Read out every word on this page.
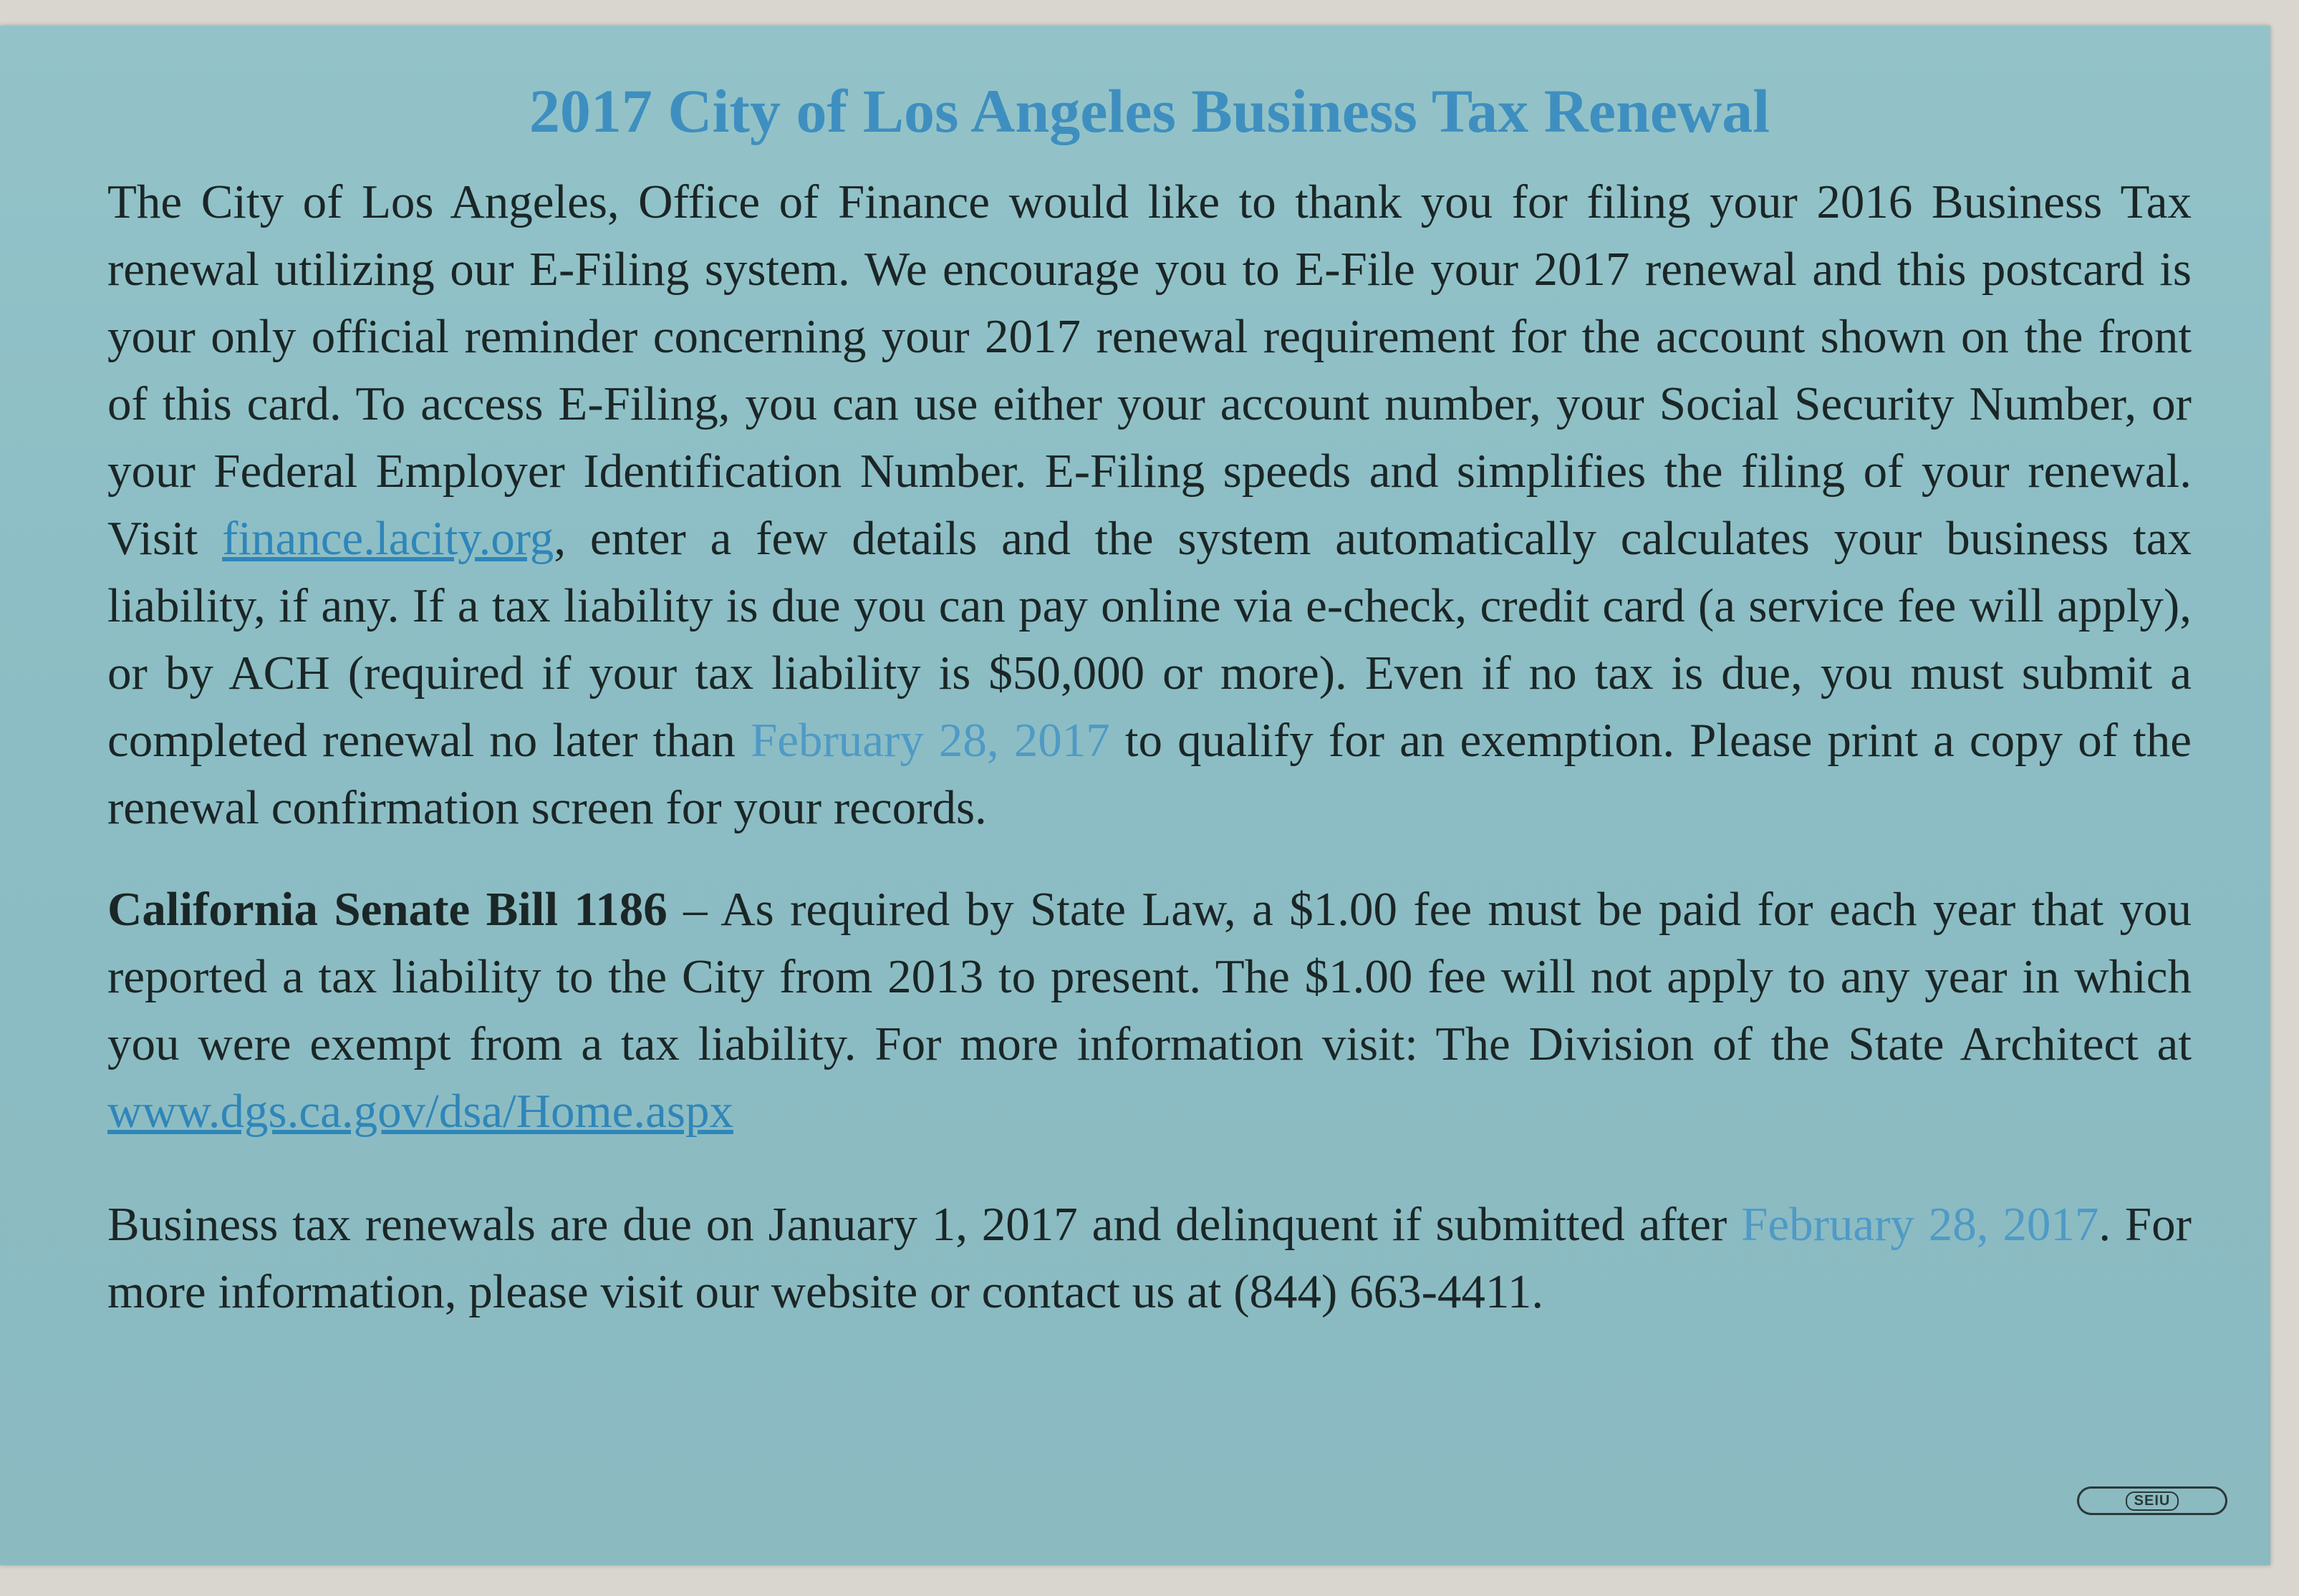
2017 City of Los Angeles Business Tax Renewal

The City of Los Angeles, Office of Finance would like to thank you for filing your 2016 Business Tax renewal utilizing our E-Filing system. We encourage you to E-File your 2017 renewal and this postcard is your only official reminder concerning your 2017 renewal requirement for the account shown on the front of this card. To access E-Filing, you can use either your account number, your Social Security Number, or your Federal Employer Identification Number. E-Filing speeds and simplifies the filing of your renewal. Visit finance.lacity.org, enter a few details and the system automatically calculates your business tax liability, if any. If a tax liability is due you can pay online via e-check, credit card (a service fee will apply), or by ACH (required if your tax liability is $50,000 or more). Even if no tax is due, you must submit a completed renewal no later than February 28, 2017 to qualify for an exemption. Please print a copy of the renewal confirmation screen for your records.

California Senate Bill 1186 – As required by State Law, a $1.00 fee must be paid for each year that you reported a tax liability to the City from 2013 to present. The $1.00 fee will not apply to any year in which you were exempt from a tax liability. For more information visit: The Division of the State Architect at www.dgs.ca.gov/dsa/Home.aspx

Business tax renewals are due on January 1, 2017 and delinquent if submitted after February 28, 2017. For more information, please visit our website or contact us at (844) 663-4411.

SEIU
